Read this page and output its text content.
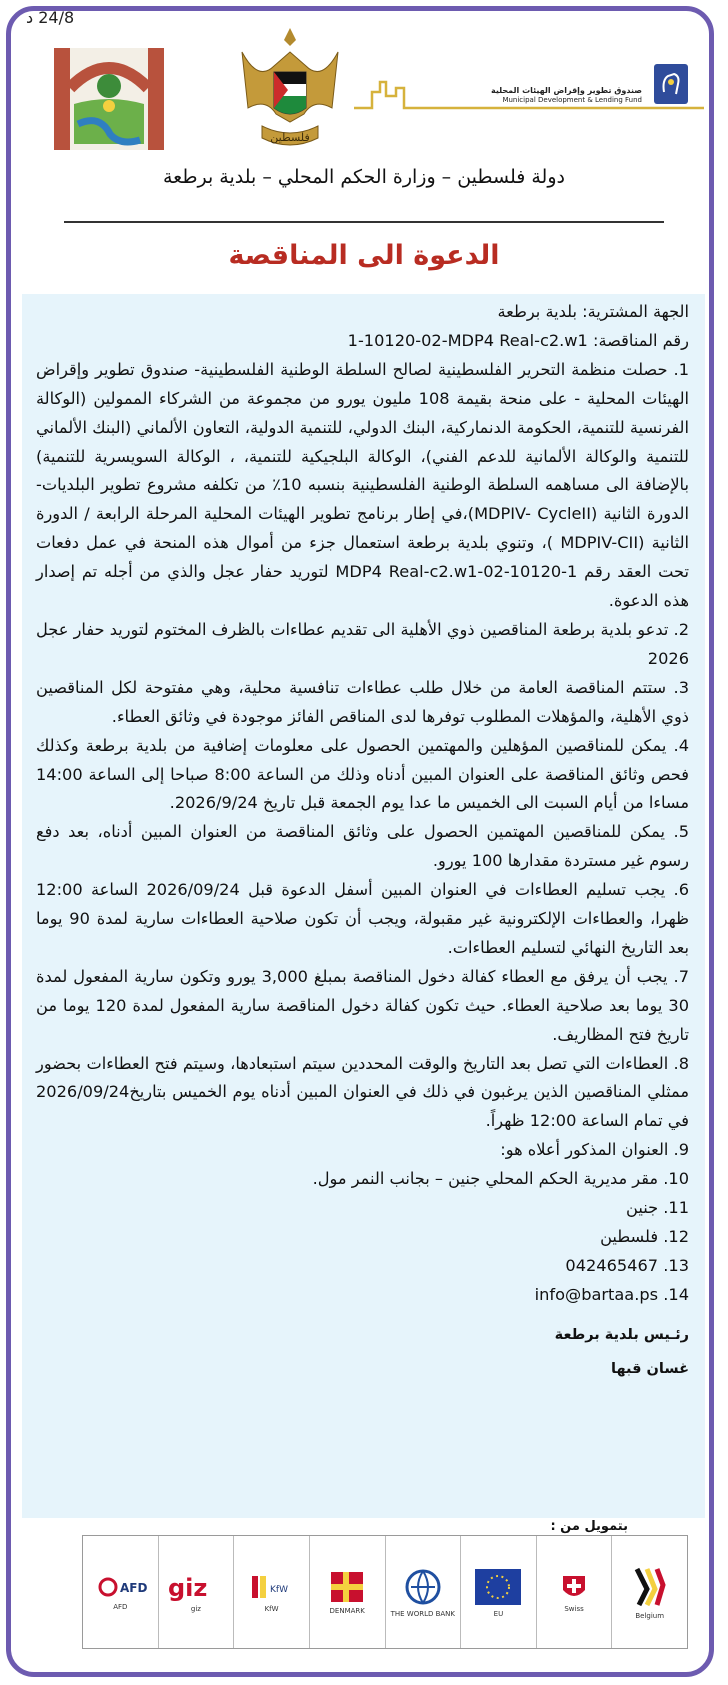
24/8 د
فلسطين
صندوق تطوير وإقراض الهيئات المحلية
Municipal Development & Lending Fund
دولة فلسطين – وزارة الحكم المحلي – بلدية برطعة
الدعوة الى المناقصة

الجهة المشترية: بلدية برطعة

رقم المناقصة: 1-10120-02-MDP4 Real-c2.w1

1. حصلت منظمة التحرير الفلسطينية لصالح السلطة الوطنية الفلسطينية- صندوق تطوير وإقراض الهيئات المحلية - على منحة بقيمة 108 مليون يورو من مجموعة من الشركاء الممولين (الوكالة الفرنسية للتنمية، الحكومة الدنماركية، البنك الدولي، للتنمية الدولية، التعاون الألماني (البنك الألماني للتنمية والوكالة الألمانية للدعم الفني)، الوكالة البلجيكية للتنمية، ، الوكالة السويسرية للتنمية) بالإضافة الى مساهمه السلطة الوطنية الفلسطينية بنسبه 10٪ من تكلفه مشروع تطوير البلديات- الدورة الثانية (MDPIV- CycleII)،في إطار برنامج تطوير الهيئات المحلية المرحلة الرابعة / الدورة الثانية (MDPIV-CII )، وتنوي بلدية برطعة استعمال جزء من أموال هذه المنحة في عمل دفعات تحت العقد رقم 1-10120-02-MDP4 Real-c2.w1 لتوريد حفار عجل والذي من أجله تم إصدار هذه الدعوة.

2. تدعو بلدية برطعة المناقصين ذوي الأهلية الى تقديم عطاءات بالظرف المختوم لتوريد حفار عجل 2026

3. ستتم المناقصة العامة من خلال طلب عطاءات تنافسية محلية، وهي مفتوحة لكل المناقصين ذوي الأهلية، والمؤهلات المطلوب توفرها لدى المناقص الفائز موجودة في وثائق العطاء.

4. يمكن للمناقصين المؤهلين والمهتمين الحصول على معلومات إضافية من بلدية برطعة وكذلك فحص وثائق المناقصة على العنوان المبين أدناه وذلك من الساعة 8:00 صباحا إلى الساعة 14:00 مساءا من أيام السبت الى الخميس ما عدا يوم الجمعة قبل تاريخ 2026/9/24.

5. يمكن للمناقصين المهتمين الحصول على وثائق المناقصة من العنوان المبين أدناه، بعد دفع رسوم غير مستردة مقدارها 100 يورو.

6. يجب تسليم العطاءات في العنوان المبين أسفل الدعوة قبل 2026/09/24 الساعة 12:00 ظهرا، والعطاءات الإلكترونية غير مقبولة، ويجب أن تكون صلاحية العطاءات سارية لمدة 90 يوما بعد التاريخ النهائي لتسليم العطاءات.

7. يجب أن يرفق مع العطاء كفالة دخول المناقصة بمبلغ 3,000 يورو وتكون سارية المفعول لمدة 30 يوما بعد صلاحية العطاء. حيث تكون كفالة دخول المناقصة سارية المفعول لمدة 120 يوما من تاريخ فتح المظاريف.

8. العطاءات التي تصل بعد التاريخ والوقت المحددين سيتم استبعادها، وسيتم فتح العطاءات بحضور ممثلي المناقصين الذين يرغبون في ذلك في العنوان المبين أدناه يوم الخميس بتاريخ2026/09/24 في تمام الساعة 12:00 ظهراً.

9. العنوان المذكور أعلاه هو:

10. مقر مديرية الحكم المحلي جنين – بجانب النمر مول.

11. جنين

12. فلسطين

13. 042465467

14. info@bartaa.ps

رئـيس بلدية برطعة
غسان قبها
بتمويل من :
AFD
AFD
giz
giz
KfW
KfW	DENMARK	THE WORLD BANK	EU
Swiss
Belgium
